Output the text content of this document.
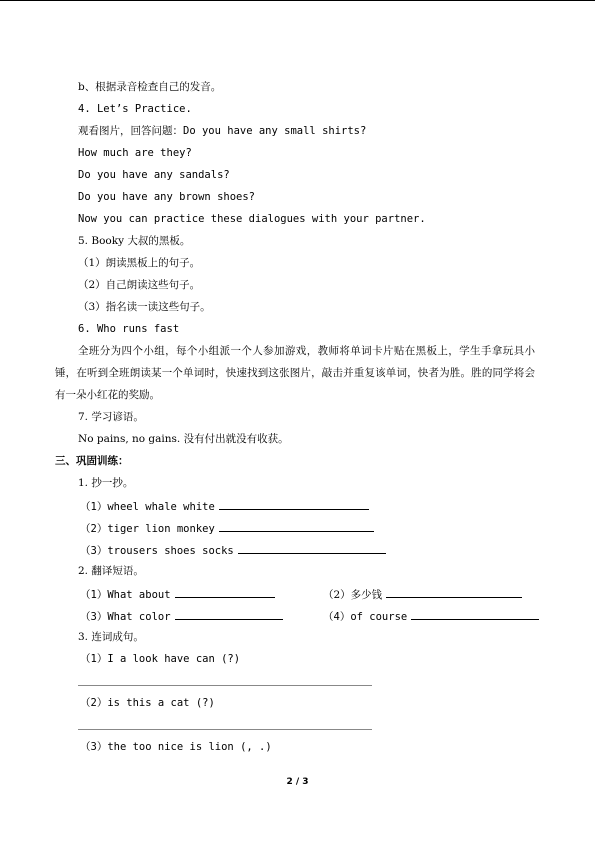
b、根据录音检查自己的发音。
4. Let’s Practice.
观看图片，回答问题：Do you have any small shirts?
How much are they?
Do you have any sandals?
Do you have any brown shoes?
Now you can practice these dialogues with your partner.
5. Booky 大叔的黑板。
（1）朗读黑板上的句子。
（2）自己朗读这些句子。
（3）指名读一读这些句子。
6. Who runs fast
全班分为四个小组，每个小组派一个人参加游戏，教师将单词卡片贴在黑板上，学生手拿玩具小锤，在听到全班朗读某一个单词时，快速找到这张图片，敲击并重复该单词，快者为胜。胜的同学将会有一朵小红花的奖励。
7. 学习谚语。
No pains, no gains. 没有付出就没有收获。
三、巩固训练：
1. 抄一抄。
（1）wheel whale white
（2）tiger lion monkey
（3）trousers shoes socks
2. 翻译短语。
（1）What about	（2）多少钱
（3）What color	（4）of course
3. 连词成句。
（1）I a look have can (?)
（2）is this a cat (?)
（3）the too nice is lion (, .)
2 / 3
